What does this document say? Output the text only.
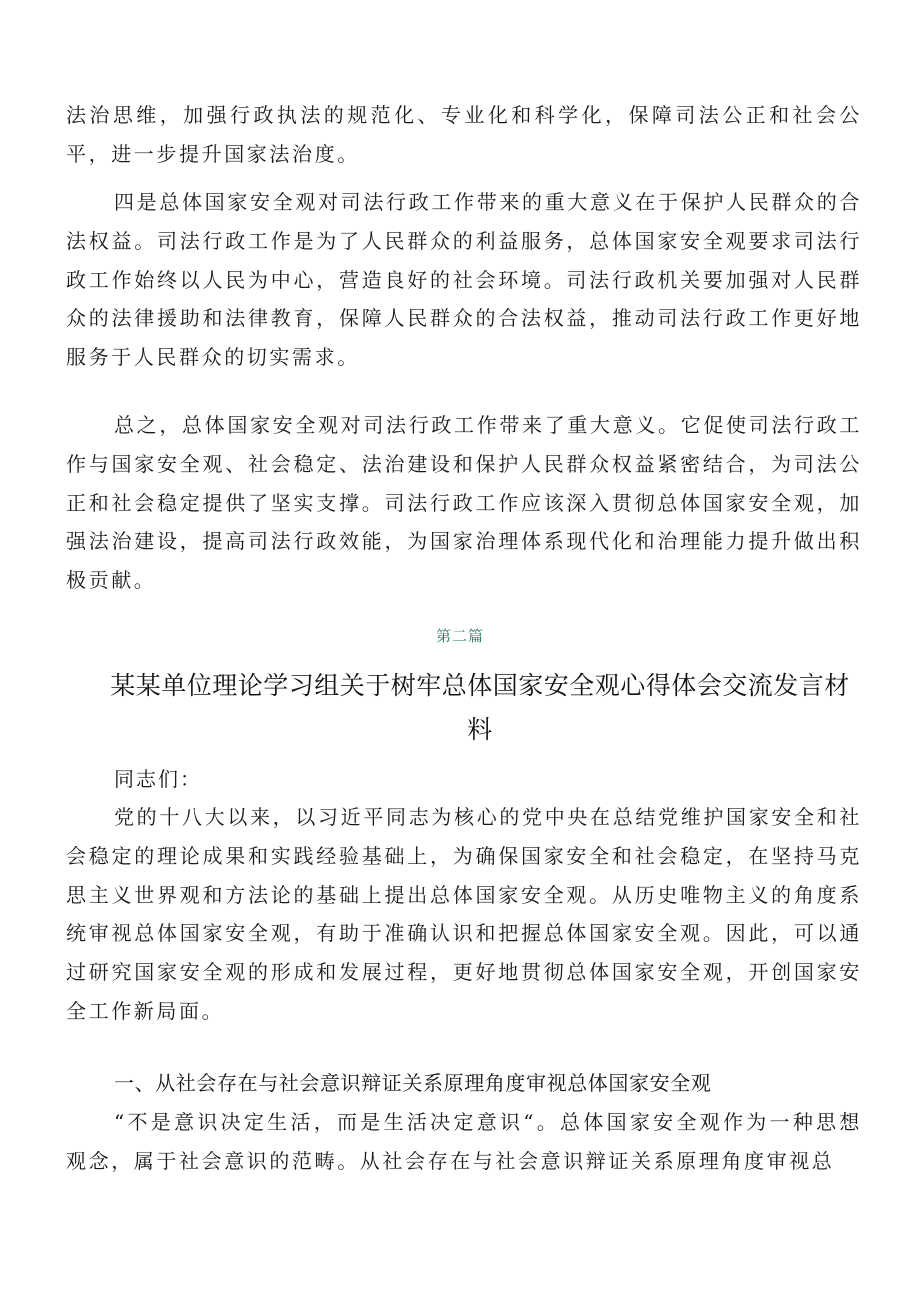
法治思维，加强行政执法的规范化、专业化和科学化，保障司法公正和社会公平，进一步提升国家法治度。

四是总体国家安全观对司法行政工作带来的重大意义在于保护人民群众的合法权益。司法行政工作是为了人民群众的利益服务，总体国家安全观要求司法行政工作始终以人民为中心，营造良好的社会环境。司法行政机关要加强对人民群众的法律援助和法律教育，保障人民群众的合法权益，推动司法行政工作更好地服务于人民群众的切实需求。

总之，总体国家安全观对司法行政工作带来了重大意义。它促使司法行政工作与国家安全观、社会稳定、法治建设和保护人民群众权益紧密结合，为司法公正和社会稳定提供了坚实支撑。司法行政工作应该深入贯彻总体国家安全观，加强法治建设，提高司法行政效能，为国家治理体系现代化和治理能力提升做出积极贡献。

第二篇
某某单位理论学习组关于树牢总体国家安全观心得体会交流发言材料
同志们：

党的十八大以来，以习近平同志为核心的党中央在总结党维护国家安全和社会稳定的理论成果和实践经验基础上，为确保国家安全和社会稳定，在坚持马克思主义世界观和方法论的基础上提出总体国家安全观。从历史唯物主义的角度系统审视总体国家安全观，有助于准确认识和把握总体国家安全观。因此，可以通过研究国家安全观的形成和发展过程，更好地贯彻总体国家安全观，开创国家安全工作新局面。

一、从社会存在与社会意识辩证关系原理角度审视总体国家安全观

“不是意识决定生活，而是生活决定意识“。总体国家安全观作为一种思想观念，属于社会意识的范畴。从社会存在与社会意识辩证关系原理角度审视总
